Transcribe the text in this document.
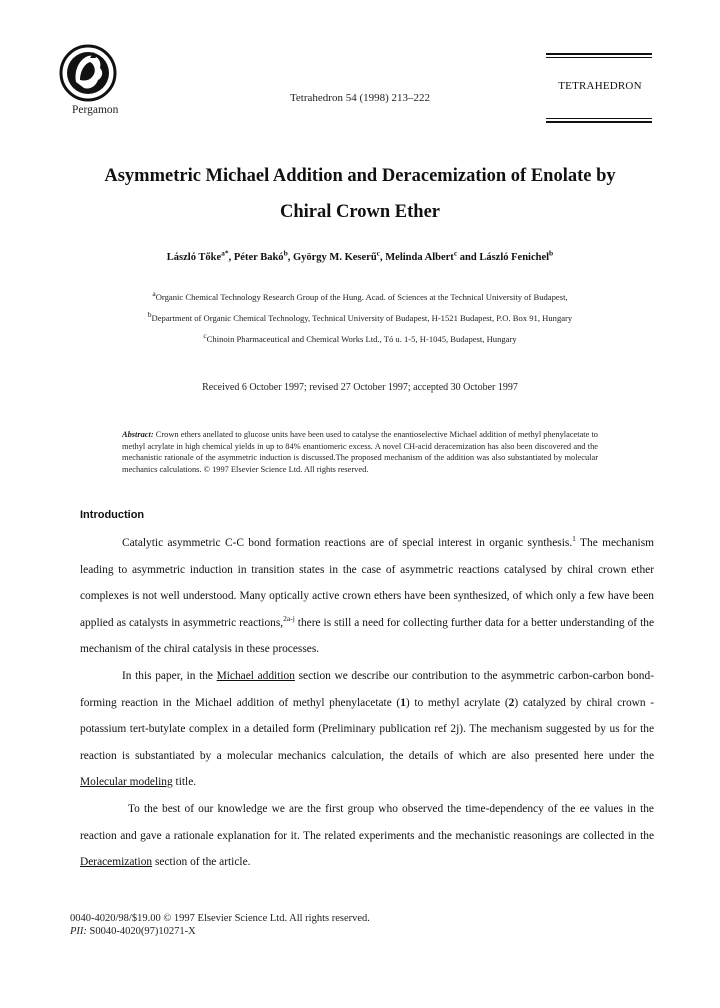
Pergamon
Tetrahedron 54 (1998) 213–222
TETRAHEDRON
Asymmetric Michael Addition and Deracemization of Enolate by
Chiral Crown Ether
László Tőke$^{a*}$, Péter Bakó$^b$, György M. Keserű$^c$, Melinda Albert$^c$ and László Fenichel$^b$
$^a$Organic Chemical Technology Research Group of the Hung. Acad. of Sciences at the Technical University of Budapest,
$^b$Department of Organic Chemical Technology, Technical University of Budapest, H-1521 Budapest, P.O. Box 91, Hungary
$^c$Chinoin Pharmaceutical and Chemical Works Ltd., Tó u. 1-5, H-1045, Budapest, Hungary
Received 6 October 1997; revised 27 October 1997; accepted 30 October 1997
Abstract: Crown ethers anellated to glucose units have been used to catalyse the enantioselective Michael addition of methyl phenylacetate to methyl acrylate in high chemical yields in up to 84% enantiomeric excess. A novel CH-acid deracemization has also been discovered and the mechanistic rationale of the asymmetric induction is discussed.The proposed mechanism of the addition was also substantiated by molecular mechanics calculations. © 1997 Elsevier Science Ltd. All rights reserved.
Introduction

Catalytic asymmetric C-C bond formation reactions are of special interest in organic synthesis.$^1$ The mechanism leading to asymmetric induction in transition states in the case of asymmetric reactions catalysed by chiral crown ether complexes is not well understood. Many optically active crown ethers have been synthesized, of which only a few have been applied as catalysts in asymmetric reactions,$^{2a-j}$ there is still a need for collecting further data for a better understanding of the mechanism of the chiral catalysis in these processes.

In this paper, in the Michael addition section we describe our contribution to the asymmetric carbon-carbon bond-forming reaction in the Michael addition of methyl phenylacetate (1) to methyl acrylate (2) catalyzed by chiral crown - potassium tert-butylate complex in a detailed form (Preliminary publication ref 2j). The mechanism suggested by us for the reaction is substantiated by a molecular mechanics calculation, the details of which are also presented here under the Molecular modeling title.

To the best of our knowledge we are the first group who observed the time-dependency of the ee values in the reaction and gave a rationale explanation for it. The related experiments and the mechanistic reasonings are collected in the Deracemization section of the article.

0040-4020/98/$19.00 © 1997 Elsevier Science Ltd. All rights reserved.
PII: S0040-4020(97)10271-X
